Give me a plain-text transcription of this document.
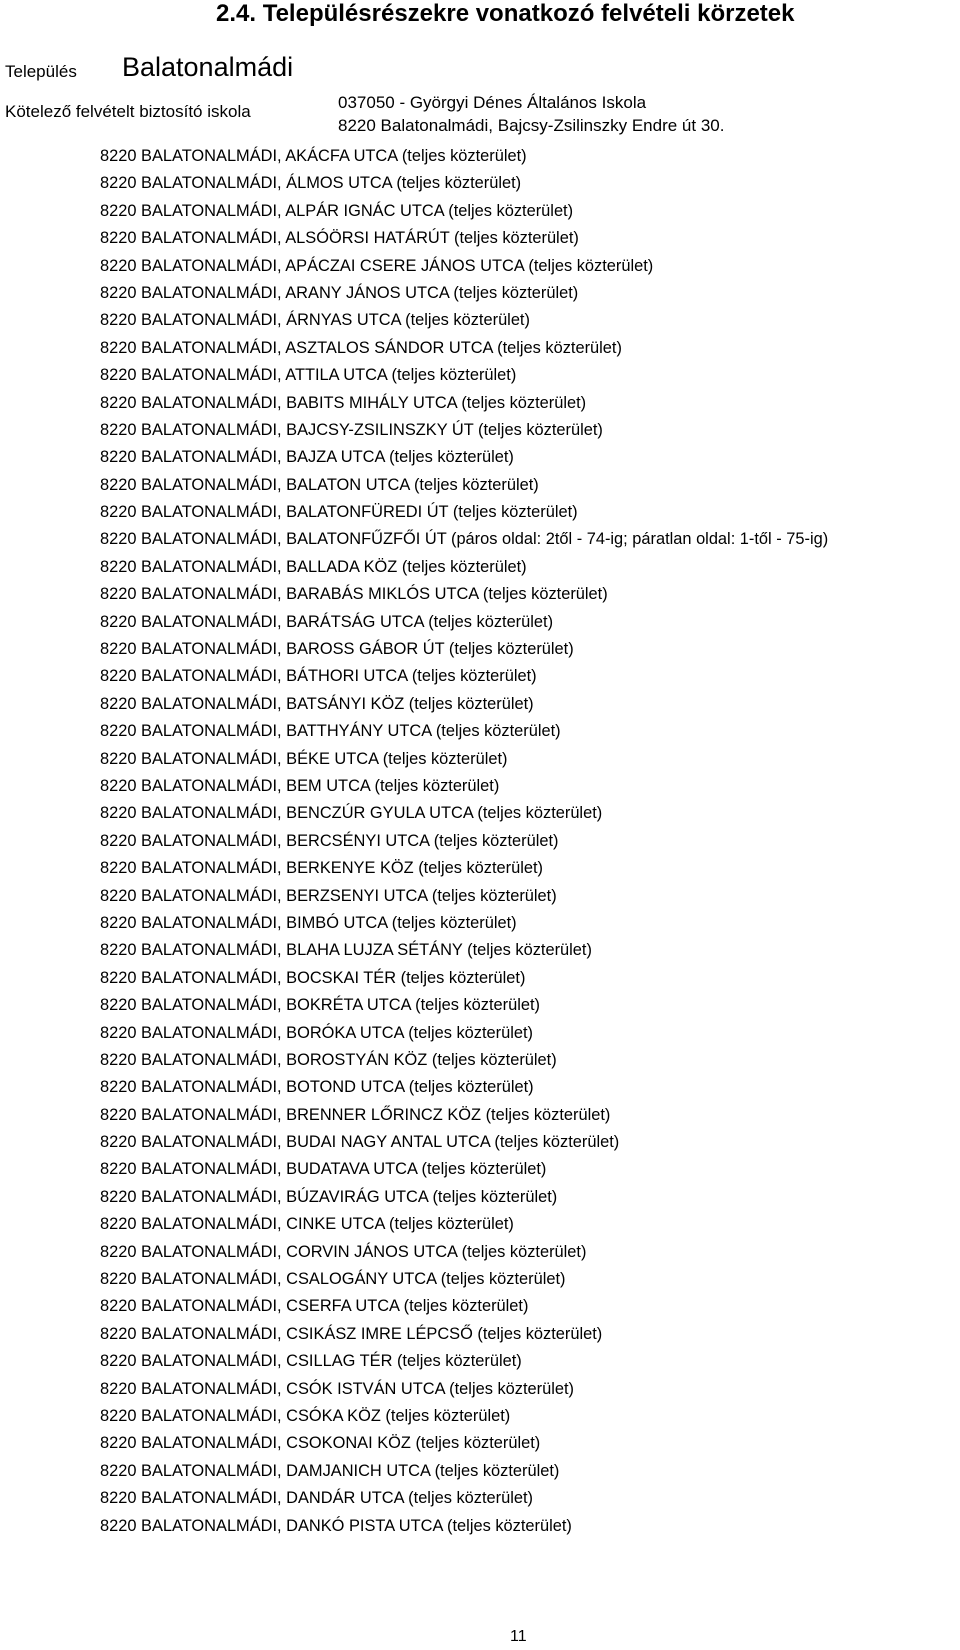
2.4. Településrészekre vonatkozó felvételi körzetek
Település Balatonalmádi
Kötelező felvételt biztosító iskola	037050 - Györgyi Dénes Általános Iskola
8220 Balatonalmádi, Bajcsy-Zsilinszky Endre út 30.
8220 BALATONALMÁDI, AKÁCFA UTCA (teljes közterület)
8220 BALATONALMÁDI, ÁLMOS UTCA (teljes közterület)
8220 BALATONALMÁDI, ALPÁR IGNÁC UTCA (teljes közterület)
8220 BALATONALMÁDI, ALSÓÖRSI HATÁRÚT (teljes közterület)
8220 BALATONALMÁDI, APÁCZAI CSERE JÁNOS UTCA (teljes közterület)
8220 BALATONALMÁDI, ARANY JÁNOS UTCA (teljes közterület)
8220 BALATONALMÁDI, ÁRNYAS UTCA (teljes közterület)
8220 BALATONALMÁDI, ASZTALOS SÁNDOR UTCA (teljes közterület)
8220 BALATONALMÁDI, ATTILA UTCA (teljes közterület)
8220 BALATONALMÁDI, BABITS MIHÁLY UTCA (teljes közterület)
8220 BALATONALMÁDI, BAJCSY-ZSILINSZKY ÚT (teljes közterület)
8220 BALATONALMÁDI, BAJZA UTCA (teljes közterület)
8220 BALATONALMÁDI, BALATON UTCA (teljes közterület)
8220 BALATONALMÁDI, BALATONFÜREDI ÚT (teljes közterület)
8220 BALATONALMÁDI, BALATONFŰZFŐI ÚT (páros oldal: 2től - 74-ig; páratlan oldal: 1-től - 75-ig)
8220 BALATONALMÁDI, BALLADA KÖZ (teljes közterület)
8220 BALATONALMÁDI, BARABÁS MIKLÓS UTCA (teljes közterület)
8220 BALATONALMÁDI, BARÁTSÁG UTCA (teljes közterület)
8220 BALATONALMÁDI, BAROSS GÁBOR ÚT (teljes közterület)
8220 BALATONALMÁDI, BÁTHORI UTCA (teljes közterület)
8220 BALATONALMÁDI, BATSÁNYI KÖZ (teljes közterület)
8220 BALATONALMÁDI, BATTHYÁNY UTCA (teljes közterület)
8220 BALATONALMÁDI, BÉKE UTCA (teljes közterület)
8220 BALATONALMÁDI, BEM UTCA (teljes közterület)
8220 BALATONALMÁDI, BENCZÚR GYULA UTCA (teljes közterület)
8220 BALATONALMÁDI, BERCSÉNYI UTCA (teljes közterület)
8220 BALATONALMÁDI, BERKENYE KÖZ (teljes közterület)
8220 BALATONALMÁDI, BERZSENYI UTCA (teljes közterület)
8220 BALATONALMÁDI, BIMBÓ UTCA (teljes közterület)
8220 BALATONALMÁDI, BLAHA LUJZA SÉTÁNY (teljes közterület)
8220 BALATONALMÁDI, BOCSKAI TÉR (teljes közterület)
8220 BALATONALMÁDI, BOKRÉTA UTCA (teljes közterület)
8220 BALATONALMÁDI, BORÓKA UTCA (teljes közterület)
8220 BALATONALMÁDI, BOROSTYÁN KÖZ (teljes közterület)
8220 BALATONALMÁDI, BOTOND UTCA (teljes közterület)
8220 BALATONALMÁDI, BRENNER LŐRINCZ KÖZ (teljes közterület)
8220 BALATONALMÁDI, BUDAI NAGY ANTAL UTCA (teljes közterület)
8220 BALATONALMÁDI, BUDATAVA UTCA (teljes közterület)
8220 BALATONALMÁDI, BÚZAVIRÁG UTCA (teljes közterület)
8220 BALATONALMÁDI, CINKE UTCA (teljes közterület)
8220 BALATONALMÁDI, CORVIN JÁNOS UTCA (teljes közterület)
8220 BALATONALMÁDI, CSALOGÁNY UTCA (teljes közterület)
8220 BALATONALMÁDI, CSERFA UTCA (teljes közterület)
8220 BALATONALMÁDI, CSIKÁSZ IMRE LÉPCSŐ (teljes közterület)
8220 BALATONALMÁDI, CSILLAG TÉR (teljes közterület)
8220 BALATONALMÁDI, CSÓK ISTVÁN UTCA (teljes közterület)
8220 BALATONALMÁDI, CSÓKA KÖZ (teljes közterület)
8220 BALATONALMÁDI, CSOKONAI KÖZ (teljes közterület)
8220 BALATONALMÁDI, DAMJANICH UTCA (teljes közterület)
8220 BALATONALMÁDI, DANDÁR UTCA (teljes közterület)
8220 BALATONALMÁDI, DANKÓ PISTA UTCA (teljes közterület)
11
